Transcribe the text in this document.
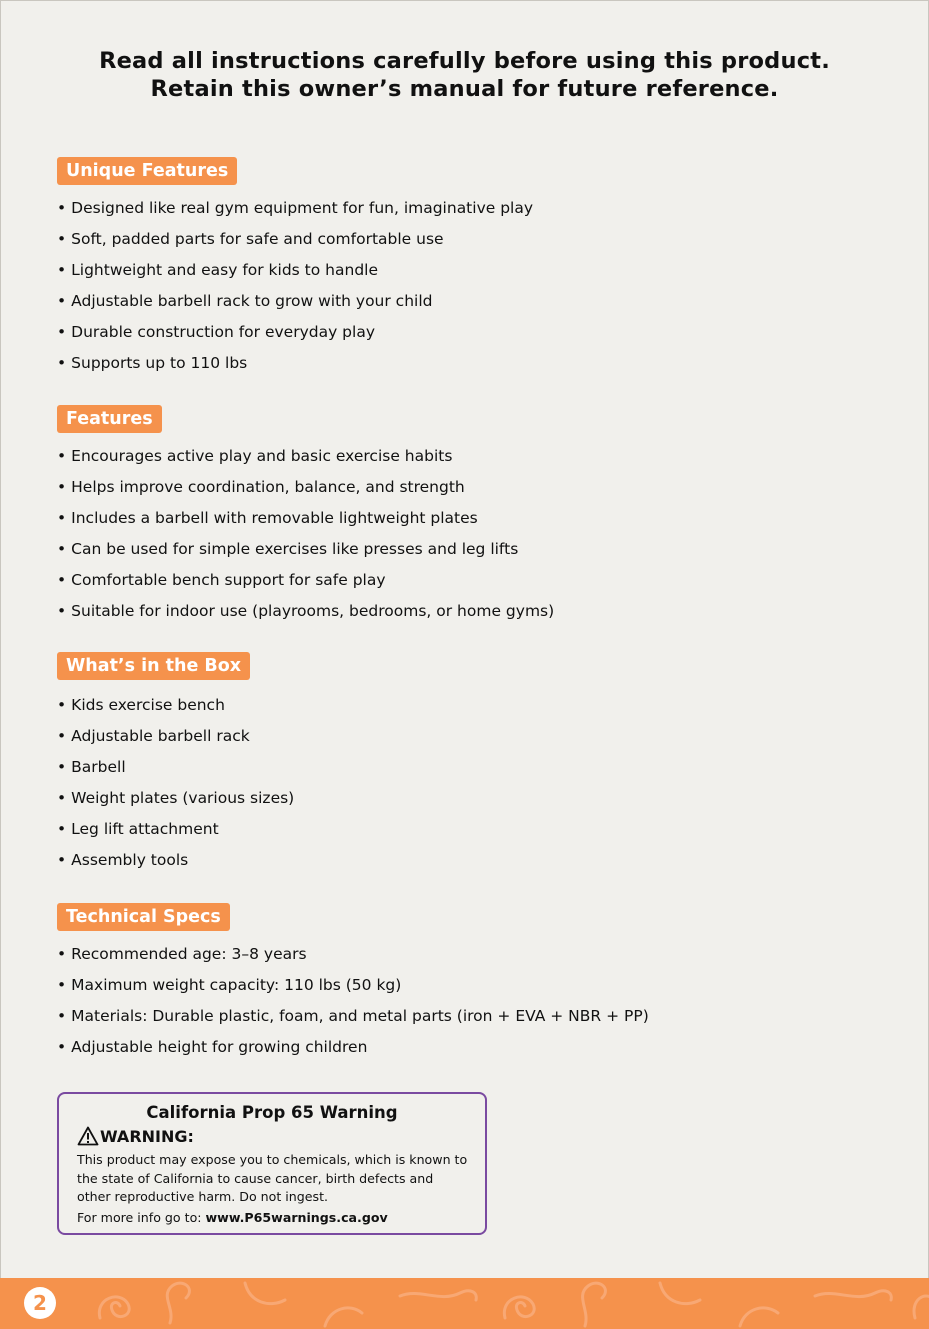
Read all instructions carefully before using this product.
Retain this owner’s manual for future reference.
Unique Features
• Designed like real gym equipment for fun, imaginative play
• Soft, padded parts for safe and comfortable use
• Lightweight and easy for kids to handle
• Adjustable barbell rack to grow with your child
• Durable construction for everyday play
• Supports up to 110 lbs
Features
• Encourages active play and basic exercise habits
• Helps improve coordination, balance, and strength
• Includes a barbell with removable lightweight plates
• Can be used for simple exercises like presses and leg lifts
• Comfortable bench support for safe play
• Suitable for indoor use (playrooms, bedrooms, or home gyms)
What’s in the Box
• Kids exercise bench
• Adjustable barbell rack
• Barbell
• Weight plates (various sizes)
• Leg lift attachment
• Assembly tools
Technical Specs
• Recommended age: 3–8 years
• Maximum weight capacity: 110 lbs (50 kg)
• Materials: Durable plastic, foam, and metal parts (iron + EVA + NBR + PP)
• Adjustable height for growing children
California Prop 65 Warning
WARNING:
This product may expose you to chemicals, which is known to the state of California to cause cancer, birth defects and other reproductive harm. Do not ingest.
For more info go to: www.P65warnings.ca.gov
2
